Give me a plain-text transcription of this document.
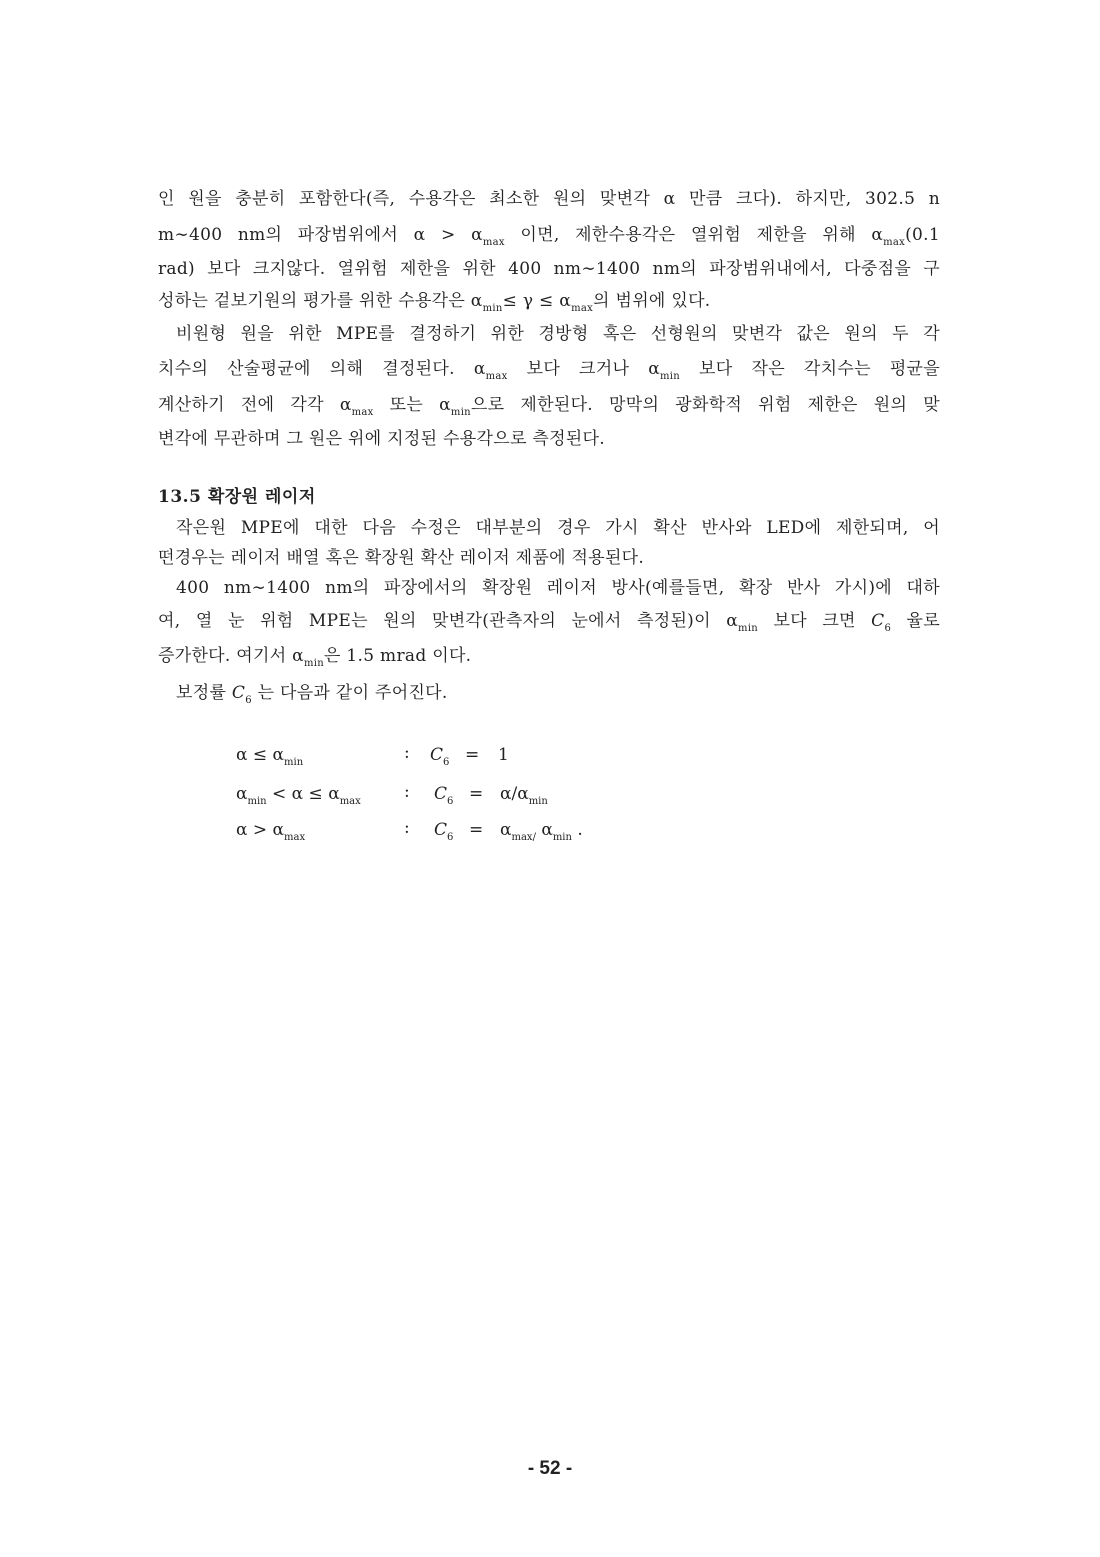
인 원을 충분히 포함한다(즉, 수용각은 최소한 원의 맞변각 α 만큼 크다). 하지만, 302.5 n
m∼400 nm의 파장범위에서 $\alpha > \alpha_{max}$ 이면, 제한수용각은 열위험 제한을 위해 $\alpha_{max}(0.1$
rad) 보다 크지않다. 열위험 제한을 위한 400 nm∼1400 nm의 파장범위내에서, 다중점을 구
성하는 겉보기원의 평가를 위한 수용각은 $\alpha_{min}\le \gamma \le \alpha_{max}$의 범위에 있다.
비원형 원을 위한 MPE를 결정하기 위한 경방형 혹은 선형원의 맞변각 값은 원의 두 각
치수의 산술평균에 의해 결정된다. $\alpha_{max}$ 보다 크거나 $\alpha_{min}$ 보다 작은 각치수는 평균을
계산하기 전에 각각 $\alpha_{max}$ 또는 $\alpha_{min}$으로 제한된다. 망막의 광화학적 위험 제한은 원의 맞
변각에 무관하며 그 원은 위에 지정된 수용각으로 측정된다.
13.5 확장원 레이저
작은원 MPE에 대한 다음 수정은 대부분의 경우 가시 확산 반사와 LED에 제한되며, 어
떤경우는 레이저 배열 혹은 확장원 확산 레이저 제품에 적용된다.
400 nm∼1400 nm의 파장에서의 확장원 레이저 방사(예를들면, 확장 반사 가시)에 대하
여, 열 눈 위험 MPE는 원의 맞변각(관측자의 눈에서 측정된)이 $\alpha_{min}$ 보다 크면 $C_6$ 율로
증가한다. 여기서 $\alpha_{min}$은 1.5 mrad 이다.
보정률 $C_6$ 는 다음과 같이 주어진다.
$\alpha \le \alpha_{min}$	: $C_6 = 1$
$\alpha_{min} < \alpha \le \alpha_{max}$	: $C_6 = \alpha/\alpha_{min}$
$\alpha > \alpha_{max}$	: $C_6 = \alpha_{max/}$ $\alpha_{min}$ .
- 52 -
